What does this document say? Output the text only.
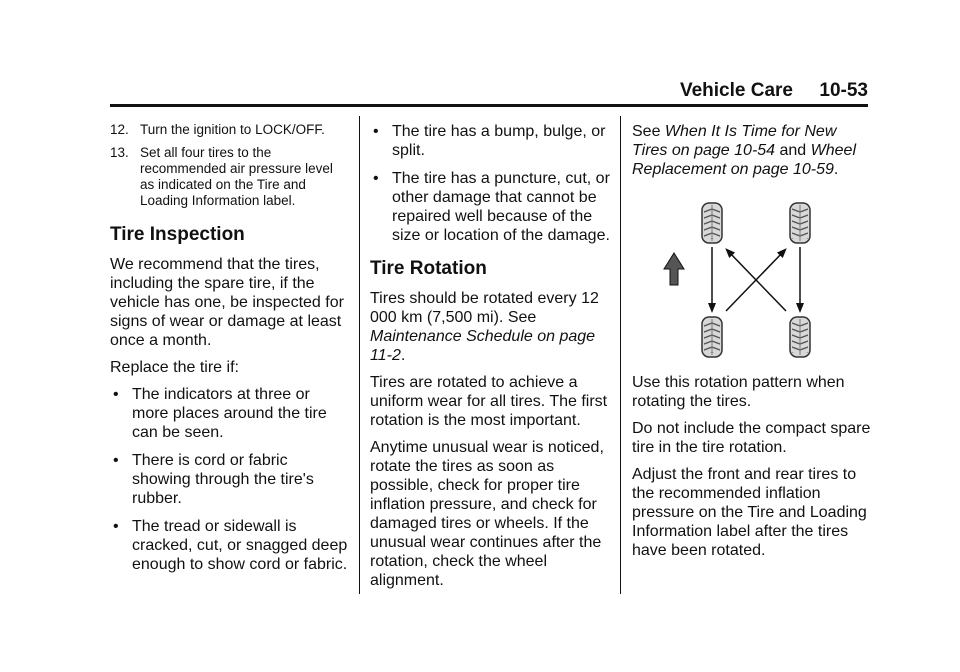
Vehicle Care 10-53
12. Turn the ignition to LOCK/OFF.
13. Set all four tires to the recommended air pressure level as indicated on the Tire and Loading Information label.
Tire Inspection

We recommend that the tires, including the spare tire, if the vehicle has one, be inspected for signs of wear or damage at least once a month.

Replace the tire if:

• The indicators at three or more places around the tire can be seen.
• There is cord or fabric showing through the tire's rubber.
• The tread or sidewall is cracked, cut, or snagged deep enough to show cord or fabric.
• The tire has a bump, bulge, or split.
• The tire has a puncture, cut, or other damage that cannot be repaired well because of the size or location of the damage.
Tire Rotation

Tires should be rotated every 12 000 km (7,500 mi). See Maintenance Schedule on page 11-2.

Tires are rotated to achieve a uniform wear for all tires. The first rotation is the most important.

Anytime unusual wear is noticed, rotate the tires as soon as possible, check for proper tire inflation pressure, and check for damaged tires or wheels. If the unusual wear continues after the rotation, check the wheel alignment.

See When It Is Time for New Tires on page 10-54 and Wheel Replacement on page 10-59.

Use this rotation pattern when rotating the tires.

Do not include the compact spare tire in the tire rotation.

Adjust the front and rear tires to the recommended inflation pressure on the Tire and Loading Information label after the tires have been rotated.
